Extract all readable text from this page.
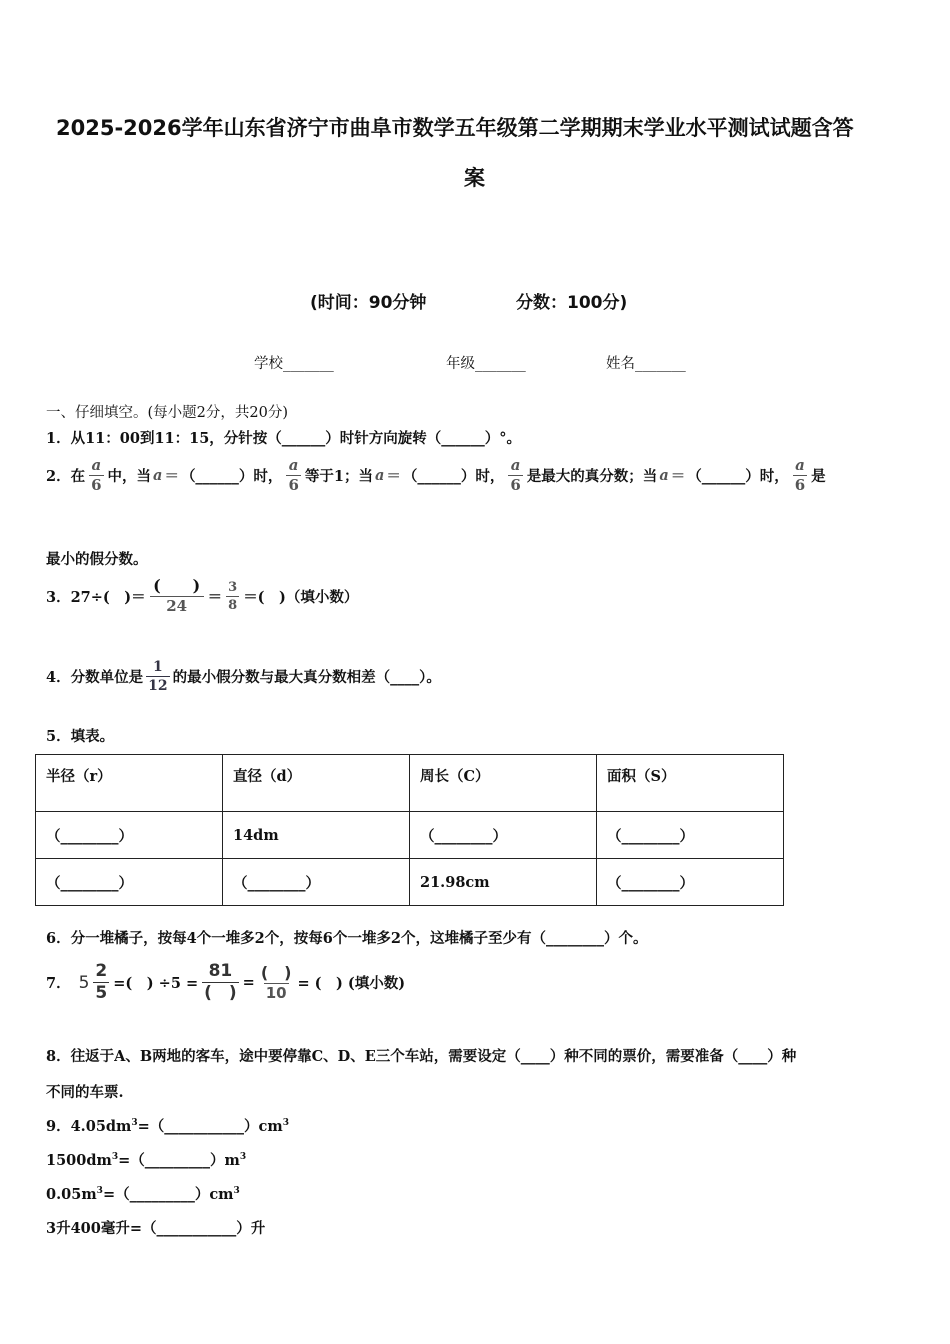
2025-2026学年山东省济宁市曲阜市数学五年级第二学期期末学业水平测试试题含答
案
(时间：90分钟	分数：100分)
学校_______	年级_______	姓名_______
一、仔细填空。(每小题2分，共20分)
1．从11：00到11：15，分针按（______）时针方向旋转（______）°。
2．在 $\frac{a}{6}$ 中，当 a ＝ （______）时， $\frac{a}{6}$ 等于1；当 a ＝ （______）时， $\frac{a}{6}$ 是最大的真分数；当 a ＝ （______）时， $\frac{a}{6}$ 是
最小的假分数。
3．27÷(　)＝ $\frac{( )}{24} = \frac{3}{8}$ ＝(　)（填小数）
4．分数单位是 $\frac{1}{12}$ 的最小假分数与最大真分数相差（____）。
5．填表。
半径（r）	直径（d）	周长（C）	面积（S）
（________）	14dm	（________）	（________）
（________）	（________）	21.98cm	（________）
6．分一堆橘子，按每4个一堆多2个，按每6个一堆多2个，这堆橘子至少有（________）个。
7． $5 \frac{2}{5}$ =(　) $\div 5 = \frac{81}{( )} = \frac{( )}{10}$ = (　) (填小数)
8．往返于A、B两地的客车，途中要停靠C、D、E三个车站，需要设定（____）种不同的票价，需要准备（____）种
不同的车票.
9．$4.05dm^3=(\_\_\_\_\_\_\_\_\_\_\_)cm^3$
$1500dm^3=(\_\_\_\_\_\_\_\_\_)m^3$
$0.05m^3=(\_\_\_\_\_\_\_\_\_)cm^3$
3升400毫升=（___________）升
